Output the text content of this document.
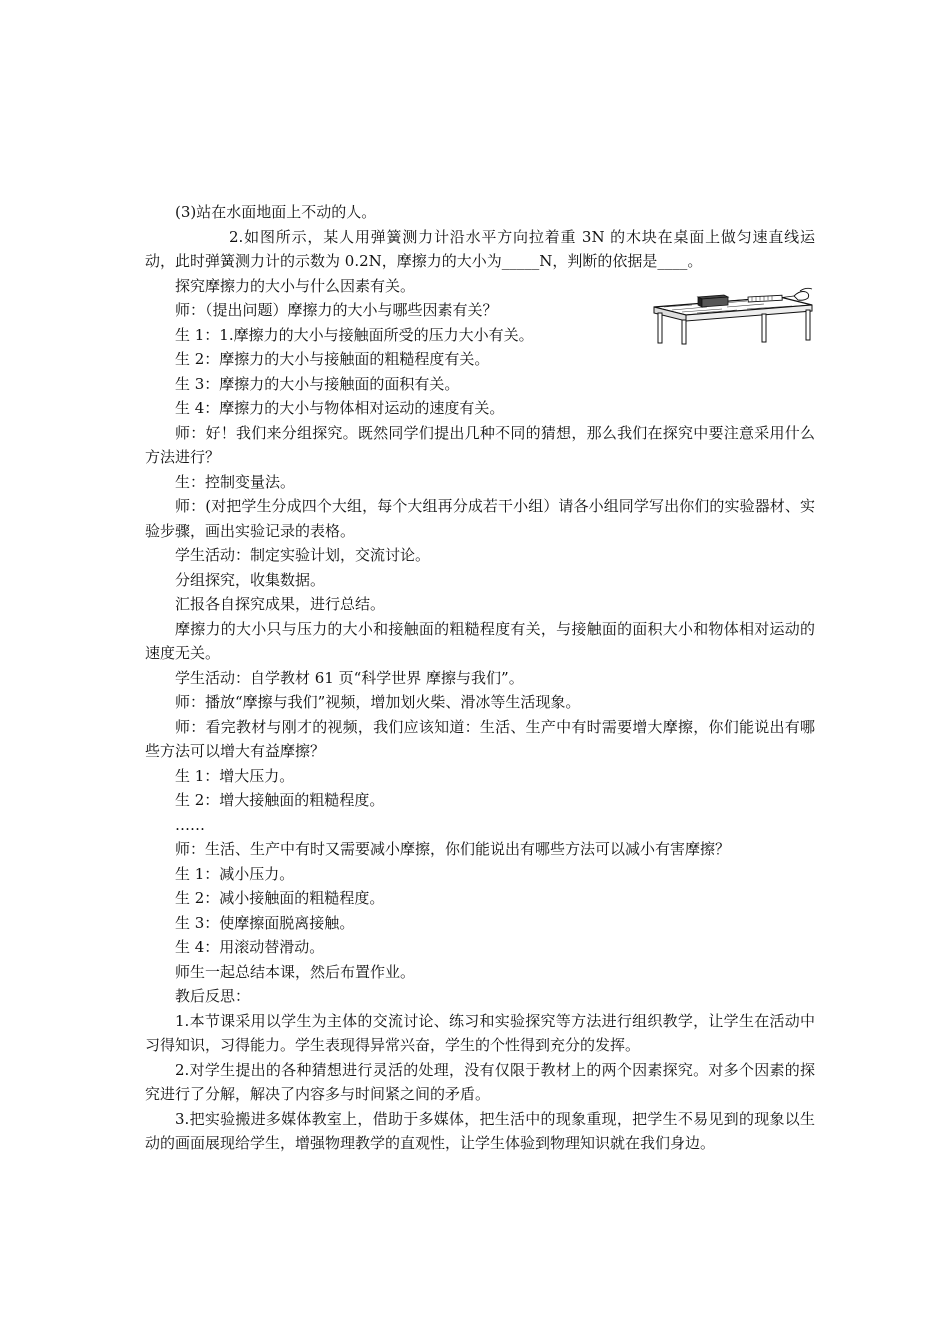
(3)站在水面地面上不动的人。

2.如图所示，某人用弹簧测力计沿水平方向拉着重 3N 的木块在桌面上做匀速直线运动，此时弹簧测力计的示数为 0.2N，摩擦力的大小为_____N，判断的依据是____。

探究摩擦力的大小与什么因素有关。

师：（提出问题）摩擦力的大小与哪些因素有关？

生 1：1.摩擦力的大小与接触面所受的压力大小有关。

生 2：摩擦力的大小与接触面的粗糙程度有关。

生 3：摩擦力的大小与接触面的面积有关。

生 4：摩擦力的大小与物体相对运动的速度有关。

师：好！我们来分组探究。既然同学们提出几种不同的猜想，那么我们在探究中要注意采用什么方法进行？

生：控制变量法。

师：(对把学生分成四个大组，每个大组再分成若干小组）请各小组同学写出你们的实验器材、实验步骤，画出实验记录的表格。

学生活动：制定实验计划，交流讨论。

分组探究，收集数据。

汇报各自探究成果，进行总结。

摩擦力的大小只与压力的大小和接触面的粗糙程度有关，与接触面的面积大小和物体相对运动的速度无关。

学生活动：自学教材 61 页“科学世界 摩擦与我们”。

师：播放“摩擦与我们”视频，增加划火柴、滑冰等生活现象。

师：看完教材与刚才的视频，我们应该知道：生活、生产中有时需要增大摩擦，你们能说出有哪些方法可以增大有益摩擦？

生 1：增大压力。

生 2：增大接触面的粗糙程度。

……

师：生活、生产中有时又需要减小摩擦，你们能说出有哪些方法可以减小有害摩擦？

生 1：减小压力。

生 2：减小接触面的粗糙程度。

生 3：使摩擦面脱离接触。

生 4：用滚动替滑动。

师生一起总结本课，然后布置作业。

教后反思：

1.本节课采用以学生为主体的交流讨论、练习和实验探究等方法进行组织教学，让学生在活动中习得知识，习得能力。学生表现得异常兴奋，学生的个性得到充分的发挥。

2.对学生提出的各种猜想进行灵活的处理，没有仅限于教材上的两个因素探究。对多个因素的探究进行了分解，解决了内容多与时间紧之间的矛盾。

3.把实验搬进多媒体教室上，借助于多媒体，把生活中的现象重现，把学生不易见到的现象以生动的画面展现给学生，增强物理教学的直观性，让学生体验到物理知识就在我们身边。
